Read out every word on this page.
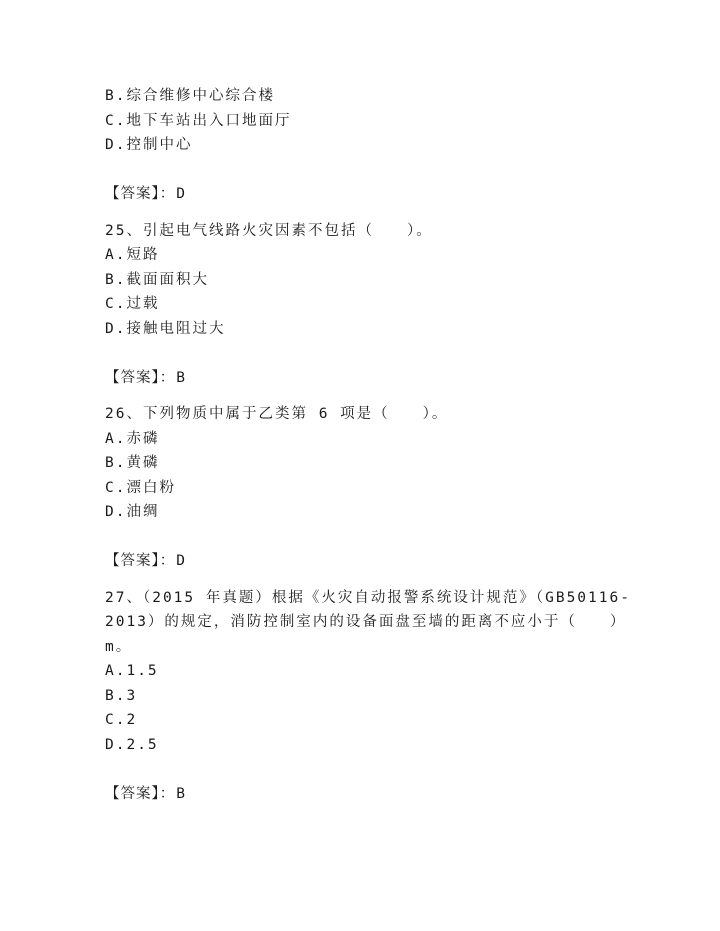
B.综合维修中心综合楼
C.地下车站出入口地面厅
D.控制中心
【答案】：D
25、引起电气线路火灾因素不包括（　　）。
A.短路
B.截面面积大
C.过载
D.接触电阻过大
【答案】：B
26、下列物质中属于乙类第 6 项是（　　）。
A.赤磷
B.黄磷
C.漂白粉
D.油绸
【答案】：D
27、（2015 年真题）根据《火灾自动报警系统设计规范》（GB50116-
2013）的规定，消防控制室内的设备面盘至墙的距离不应小于（　　）
m。
A.1.5
B.3
C.2
D.2.5
【答案】：B
